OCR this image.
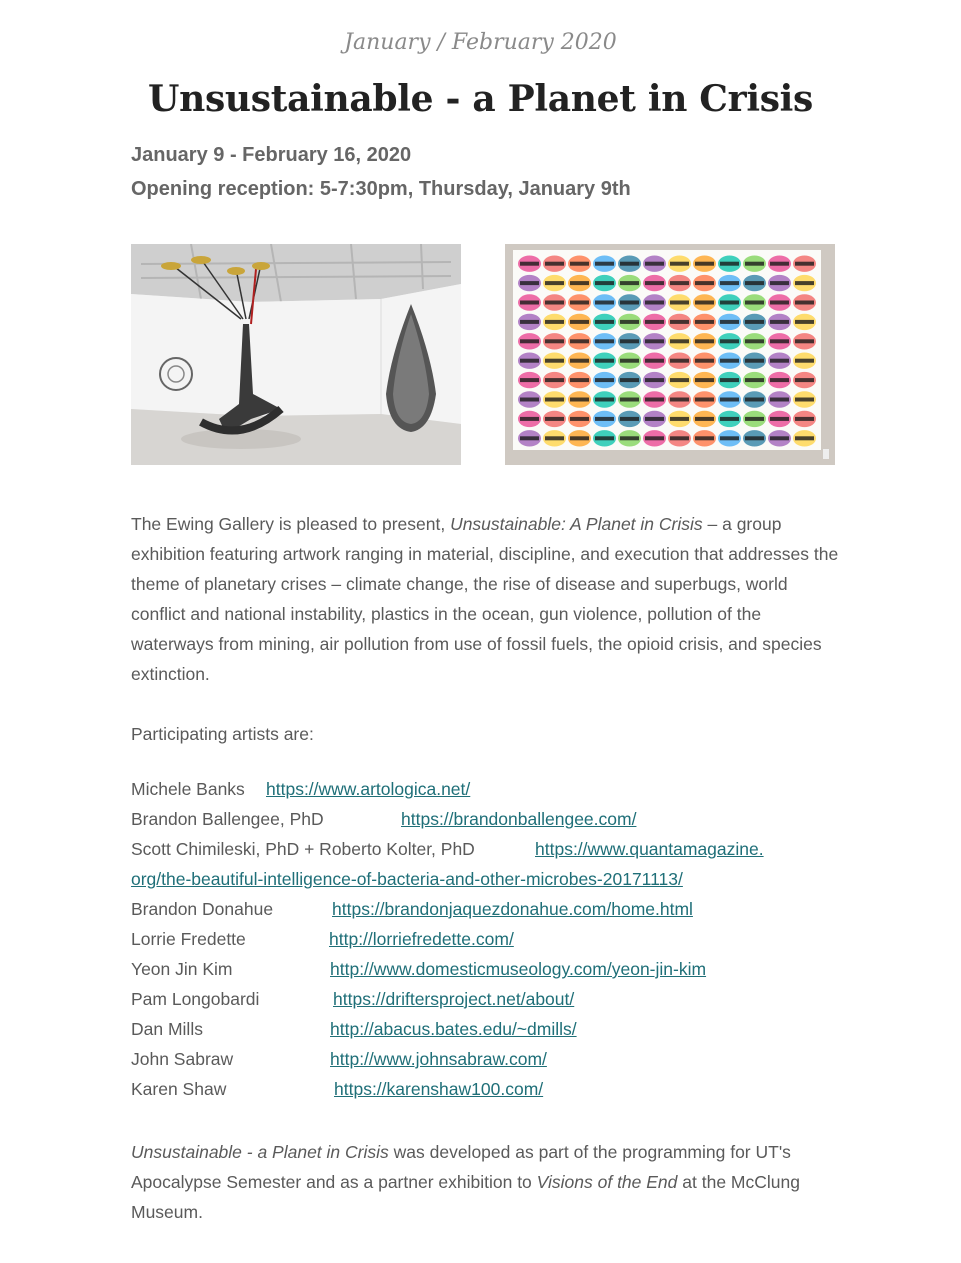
January / February 2020
Unsustainable - a Planet in Crisis
January 9 - February 16, 2020
Opening reception: 5-7:30pm, Thursday, January 9th
The Ewing Gallery is pleased to present, Unsustainable: A Planet in Crisis – a group exhibition featuring artwork ranging in material, discipline, and execution that addresses the theme of planetary crises – climate change, the rise of disease and superbugs, world conflict and national instability, plastics in the ocean, gun violence, pollution of the waterways from mining, air pollution from use of fossil fuels, the opioid crisis, and species extinction.
Participating artists are:
Michele Banks https://www.artologica.net/
Brandon Ballengee, PhD	https://brandonballengee.com/
Scott Chimileski, PhD + Roberto Kolter, PhD	https://www.quantamagazine.
org/the-beautiful-intelligence-of-bacteria-and-other-microbes-20171113/
Brandon Donahue	https://brandonjaquezdonahue.com/home.html
Lorrie Fredette	http://lorriefredette.com/
Yeon Jin Kim	http://www.domesticmuseology.com/yeon-jin-kim
Pam Longobardi	https://driftersproject.net/about/
Dan Mills	http://abacus.bates.edu/~dmills/
John Sabraw	http://www.johnsabraw.com/
Karen Shaw	https://karenshaw100.com/
Unsustainable - a Planet in Crisis was developed as part of the programming for UT's Apocalypse Semester and as a partner exhibition to Visions of the End at the McClung Museum.
